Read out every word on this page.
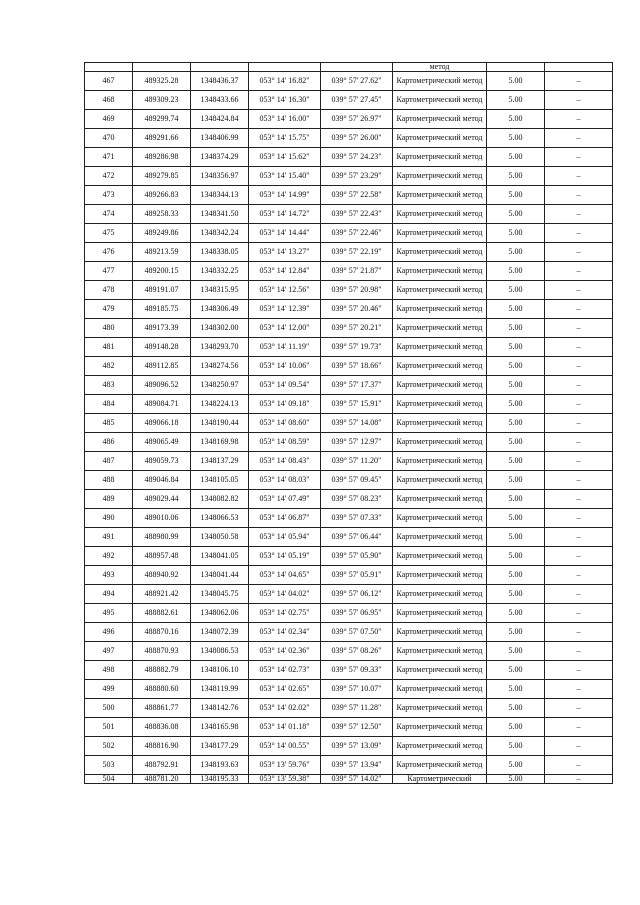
					метод		
467	489325.28	1348436.37	053° 14' 16.82"	039° 57' 27.62"	Картометрический метод	5.00	–
468	489309.23	1348433.66	053° 14' 16.30"	039° 57' 27.45"	Картометрический метод	5.00	–
469	489299.74	1348424.84	053° 14' 16.00"	039° 57' 26.97"	Картометрический метод	5.00	–
470	489291.66	1348406.99	053° 14' 15.75"	039° 57' 26.00"	Картометрический метод	5.00	–
471	489286.98	1348374.29	053° 14' 15.62"	039° 57' 24.23"	Картометрический метод	5.00	–
472	489279.85	1348356.97	053° 14' 15.40"	039° 57' 23.29"	Картометрический метод	5.00	–
473	489266.83	1348344.13	053° 14' 14.99"	039° 57' 22.58"	Картометрический метод	5.00	–
474	489258.33	1348341.50	053° 14' 14.72"	039° 57' 22.43"	Картометрический метод	5.00	–
475	489249.86	1348342.24	053° 14' 14.44"	039° 57' 22.46"	Картометрический метод	5.00	–
476	489213.59	1348338.05	053° 14' 13.27"	039° 57' 22.19"	Картометрический метод	5.00	–
477	489200.15	1348332.25	053° 14' 12.84"	039° 57' 21.87"	Картометрический метод	5.00	–
478	489191.07	1348315.95	053° 14' 12.56"	039° 57' 20.98"	Картометрический метод	5.00	–
479	489185.75	1348306.49	053° 14' 12.39"	039° 57' 20.46"	Картометрический метод	5.00	–
480	489173.39	1348302.00	053° 14' 12.00"	039° 57' 20.21"	Картометрический метод	5.00	–
481	489148.28	1348293.70	053° 14' 11.19"	039° 57' 19.73"	Картометрический метод	5.00	–
482	489112.85	1348274.56	053° 14' 10.06"	039° 57' 18.66"	Картометрический метод	5.00	–
483	489096.52	1348250.97	053° 14' 09.54"	039° 57' 17.37"	Картометрический метод	5.00	–
484	489084.71	1348224.13	053° 14' 09.18"	039° 57' 15.91"	Картометрический метод	5.00	–
485	489066.18	1348190.44	053° 14' 08.60"	039° 57' 14.08"	Картометрический метод	5.00	–
486	489065.49	1348169.98	053° 14' 08.59"	039° 57' 12.97"	Картометрический метод	5.00	–
487	489059.73	1348137.29	053° 14' 08.43"	039° 57' 11.20"	Картометрический метод	5.00	–
488	489046.84	1348105.05	053° 14' 08.03"	039° 57' 09.45"	Картометрический метод	5.00	–
489	489029.44	1348082.82	053° 14' 07.49"	039° 57' 08.23"	Картометрический метод	5.00	–
490	489010.06	1348066.53	053° 14' 06.87"	039° 57' 07.33"	Картометрический метод	5.00	–
491	488980.99	1348050.58	053° 14' 05.94"	039° 57' 06.44"	Картометрический метод	5.00	–
492	488957.48	1348041.05	053° 14' 05.19"	039° 57' 05.90"	Картометрический метод	5.00	–
493	488940.92	1348041.44	053° 14' 04.65"	039° 57' 05.91"	Картометрический метод	5.00	–
494	488921.42	1348045.75	053° 14' 04.02"	039° 57' 06.12"	Картометрический метод	5.00	–
495	488882.61	1348062.06	053° 14' 02.75"	039° 57' 06.95"	Картометрический метод	5.00	–
496	488870.16	1348072.39	053° 14' 02.34"	039° 57' 07.50"	Картометрический метод	5.00	–
497	488870.93	1348086.53	053° 14' 02.36"	039° 57' 08.26"	Картометрический метод	5.00	–
498	488882.79	1348106.10	053° 14' 02.73"	039° 57' 09.33"	Картометрический метод	5.00	–
499	488880.60	1348119.99	053° 14' 02.65"	039° 57' 10.07"	Картометрический метод	5.00	–
500	488861.77	1348142.76	053° 14' 02.02"	039° 57' 11.28"	Картометрический метод	5.00	–
501	488836.08	1348165.98	053° 14' 01.18"	039° 57' 12.50"	Картометрический метод	5.00	–
502	488816.90	1348177.29	053° 14' 00.55"	039° 57' 13.09"	Картометрический метод	5.00	–
503	488792.91	1348193.63	053° 13' 59.76"	039° 57' 13.94"	Картометрический метод	5.00	–
504	488781.20	1348195.33	053° 13' 59.38"	039° 57' 14.02"	Картометрический	5.00	–
